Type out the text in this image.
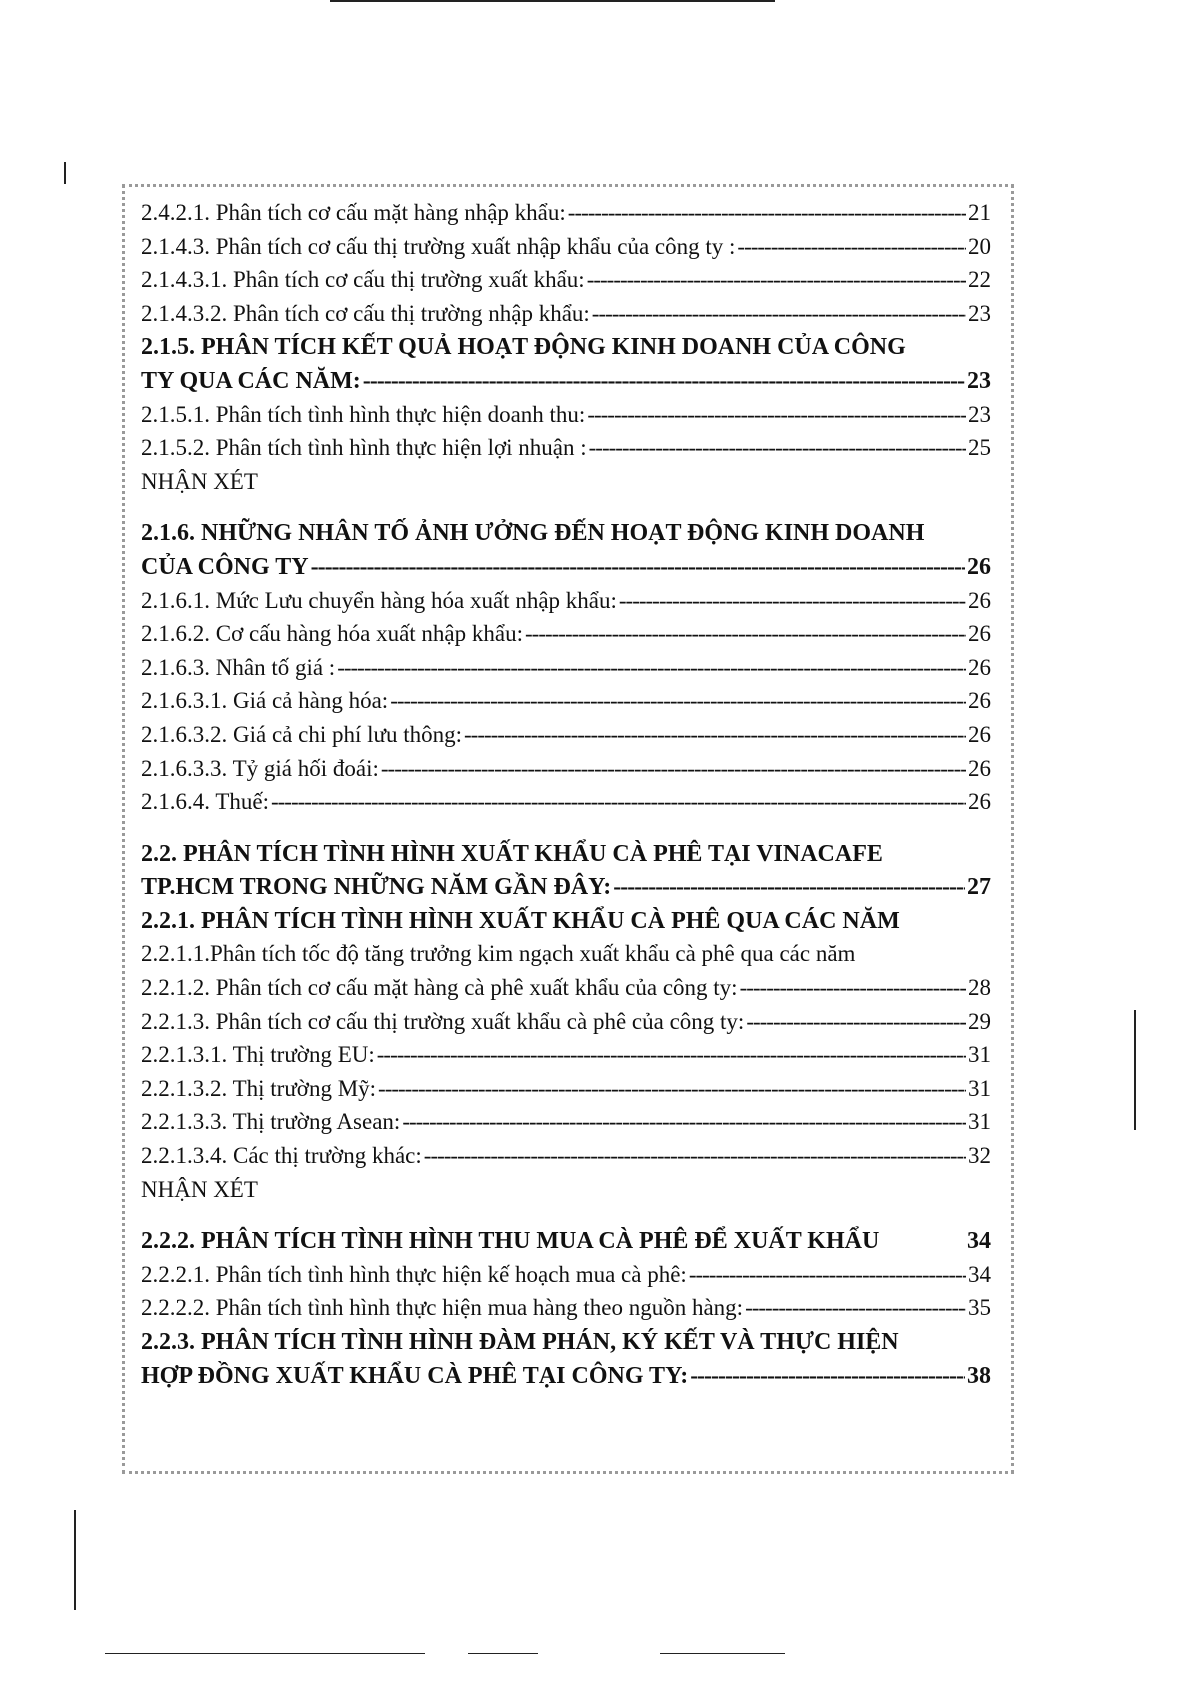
2.4.2.1. Phân tích cơ cấu mặt hàng nhập khẩu: -----	21
2.1.4.3. Phân tích cơ cấu thị trường xuất nhập khẩu của công ty : -----	20
2.1.4.3.1. Phân tích cơ cấu thị trường xuất khẩu: -----	22
2.1.4.3.2. Phân tích cơ cấu thị trường nhập khẩu: -----	23
2.1.5. PHÂN TÍCH KẾT QUẢ HOẠT ĐỘNG KINH DOANH CỦA CÔNG
TY QUA CÁC NĂM: -----	23
2.1.5.1. Phân tích tình hình thực hiện doanh thu: -----	23
2.1.5.2. Phân tích tình hình thực hiện lợi nhuận : -----	25
NHẬN XÉT
2.1.6. NHỮNG NHÂN TỐ ẢNH ƯỞNG ĐẾN HOẠT ĐỘNG KINH DOANH
CỦA CÔNG TY -----	26
2.1.6.1. Mức Lưu chuyển hàng hóa xuất nhập khẩu: -----	26
2.1.6.2. Cơ cấu hàng hóa xuất nhập khẩu: -----	26
2.1.6.3. Nhân tố giá : -----	26
2.1.6.3.1. Giá cả hàng hóa: -----	26
2.1.6.3.2. Giá cả chi phí lưu thông: -----	26
2.1.6.3.3. Tỷ giá hối đoái: -----	26
2.1.6.4. Thuế: -----	26
2.2. PHÂN TÍCH TÌNH HÌNH XUẤT KHẨU CÀ PHÊ TẠI VINACAFE
TP.HCM TRONG NHỮNG NĂM GẦN ĐÂY: -----	27
2.2.1. PHÂN TÍCH TÌNH HÌNH XUẤT KHẨU CÀ PHÊ QUA CÁC NĂM
2.2.1.1.Phân tích tốc độ tăng trưởng kim ngạch xuất khẩu cà phê qua các năm
2.2.1.2. Phân tích cơ cấu mặt hàng cà phê xuất khẩu của công ty: -----	28
2.2.1.3. Phân tích cơ cấu thị trường xuất khẩu cà phê của công ty: -----	29
2.2.1.3.1. Thị trường EU: -----	31
2.2.1.3.2. Thị trường Mỹ: -----	31
2.2.1.3.3. Thị trường Asean: -----	31
2.2.1.3.4. Các thị trường khác: -----	32
NHẬN XÉT
2.2.2. PHÂN TÍCH TÌNH HÌNH THU MUA CÀ PHÊ ĐỂ XUẤT KHẨU	34
2.2.2.1. Phân tích tình hình thực hiện kế hoạch mua cà phê: -----	34
2.2.2.2. Phân tích tình hình thực hiện mua hàng theo nguồn hàng: -----	35
2.2.3. PHÂN TÍCH TÌNH HÌNH ĐÀM PHÁN, KÝ KẾT VÀ THỰC HIỆN
HỢP ĐỒNG XUẤT KHẨU CÀ PHÊ TẠI CÔNG TY: -----	38
